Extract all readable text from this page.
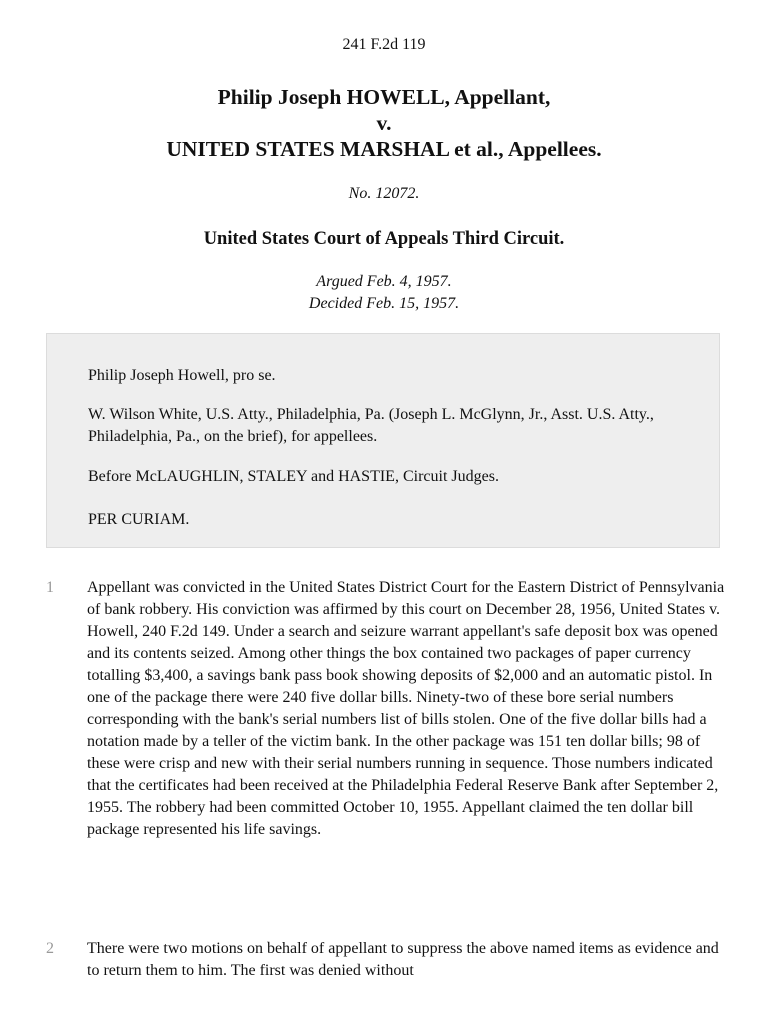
241 F.2d 119
Philip Joseph HOWELL, Appellant,
v.
UNITED STATES MARSHAL et al., Appellees.
No. 12072.
United States Court of Appeals Third Circuit.
Argued Feb. 4, 1957.
Decided Feb. 15, 1957.

Philip Joseph Howell, pro se.

W. Wilson White, U.S. Atty., Philadelphia, Pa. (Joseph L. McGlynn, Jr., Asst. U.S. Atty., Philadelphia, Pa., on the brief), for appellees.

Before McLAUGHLIN, STALEY and HASTIE, Circuit Judges.

PER CURIAM.

1 Appellant was convicted in the United States District Court for the Eastern District of Pennsylvania of bank robbery. His conviction was affirmed by this court on December 28, 1956, United States v. Howell, 240 F.2d 149. Under a search and seizure warrant appellant's safe deposit box was opened and its contents seized. Among other things the box contained two packages of paper currency totalling $3,400, a savings bank pass book showing deposits of $2,000 and an automatic pistol. In one of the package there were 240 five dollar bills. Ninety-two of these bore serial numbers corresponding with the bank's serial numbers list of bills stolen. One of the five dollar bills had a notation made by a teller of the victim bank. In the other package was 151 ten dollar bills; 98 of these were crisp and new with their serial numbers running in sequence. Those numbers indicated that the certificates had been received at the Philadelphia Federal Reserve Bank after September 2, 1955. The robbery had been committed October 10, 1955. Appellant claimed the ten dollar bill package represented his life savings.

2 There were two motions on behalf of appellant to suppress the above named items as evidence and to return them to him. The first was denied without
